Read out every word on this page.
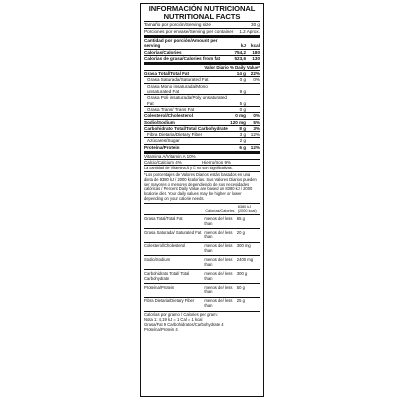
INFORMACIÓN NUTRICIONAL
NUTRITIONAL FACTS
Tamaño por porción/Serving size	30 g
Porciones por envase/Serving per container	1.2 Aprox.
Cantidad por porción/Amount per serving	kJ	kcal
Calorías/Calories	754,2	180
Calorías de grasa/Calories from fat	523,6	130
Valor Diario % Daily Value*
Grasa Total/Total Fat	14 g	22%
Grasa Saturada/Saturated Fat	0 g	0%
Grasa Mono insaturada/Mono unsaturated Fat	9 g
Grasa Poli insaturada/Poly unsaturated Fat	5 g
Grasa Trans/ Trans Fat	0 g
Colesterol/Cholesterol	0 mg	0%
Sodio/Sodium	120 mg	5%
Carbohidrato Total/Total Carbohydrate	8 g	3%
Fibra Dietaria/Dietary Fiber	3 g	12%
Azúcares/Sugar	2 g
Proteína/Protein	6 g	12%
Vitamina A/Vitamin A 10%
Calcio/Calcium 4%	Hierro/Iron 9%
La cantidad de Vitamina A y C no son significativas.
*Los porcentajes de Valores Diarios están basados en una dieta de 8380 kJ / 2000 kcalorías. Sus Valores Diarios pueden ser mayores o menores dependiendo de sus necesidades calóricas / Percent Daily Value are based on 8380 kJ / 2000 kcalorie diet. Your daily values may be higher or lower depending on your calorie needs.
	Calorías/Calories	8380 kJ (2000 kcal)
Grasa Total/Total Fat	menos de/ less than	65 g
Grasa Saturada/ Saturated Fat	menos de/ less than	20 g
Colesterol/Cholesterol	menos de/ less than	300 mg
Sodio/Sodium	menos de/ less than	2400 mg
Carbohidrato Total/ Total Carbohydrate	menos de/ less than	300 g
Proteína/Protein	menos de/ less than	50 g
Fibra Dietaria/Dietary Fiber	menos de/ less than	25 g
Calorías por gramo / Calories per gram:
Nota 1: 4,19 kJ = 1 Cal = 1 kcal
Grasa/Fat 9 Carbohidratos/Carbohydrate 4
Proteína/Protein 4
